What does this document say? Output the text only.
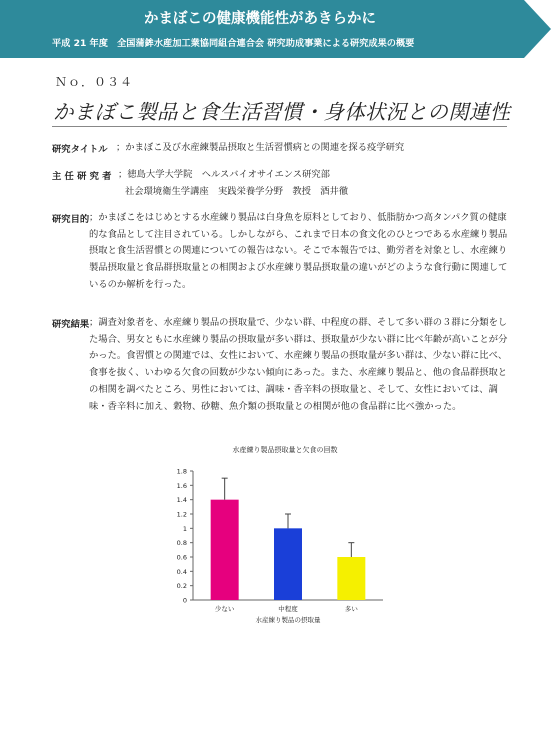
かまぼこの健康機能性があきらかに
平成 21 年度　全国蒲鉾水産加工業協同組合連合会 研究助成事業による研究成果の概要
Ｎｏ．０３４
かまぼこ製品と食生活習慣・身体状況との関連性
研究タイトル ；かまぼこ及び水産練製品摂取と生活習慣病との関連を探る疫学研究
主 任 研 究 者 ；徳島大学大学院　ヘルスバイオサイエンス研究部
社会環境衛生学講座　実践栄養学分野　教授　酒井徹
研究目的 ；かまぼこをはじめとする水産練り製品は白身魚を原料としており、低脂肪かつ高タンパク質の健康的な食品として注目されている。しかしながら、これまで日本の食文化のひとつである水産練り製品摂取と食生活習慣との関連についての報告はない。そこで本報告では、勤労者を対象とし、水産練り製品摂取量と食品群摂取量との相関および水産練り製品摂取量の違いがどのような食行動に関連しているのか解析を行った。
研究結果 ；調査対象者を、水産練り製品の摂取量で、少ない群、中程度の群、そして多い群の３群に分類をした場合、男女ともに水産練り製品の摂取量が多い群は、摂取量が少ない群に比べ年齢が高いことが分かった。食習慣との関連では、女性において、水産練り製品の摂取量が多い群は、少ない群に比べ、食事を抜く、いわゆる欠食の回数が少ない傾向にあった。また、水産練り製品と、他の食品群摂取との相関を調べたところ、男性においては、調味・香辛料の摂取量と、そして、女性においては、調味・香辛料に加え、穀物、砂糖、魚介類の摂取量との相関が他の食品群に比べ強かった。
水産練り製品摂取量と欠食の回数
0
0.2
0.4
0.6
0.8
1
1.2
1.4
1.6
1.8
少ない	中程度	多い
水産練り製品の摂取量
